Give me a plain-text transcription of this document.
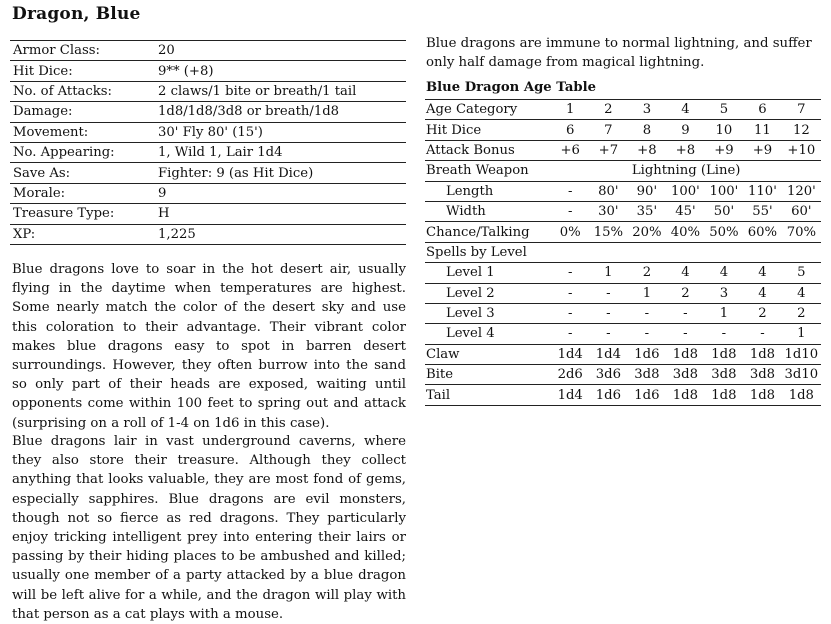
Dragon, Blue
Armor Class:	20
Hit Dice:	9** (+8)
No. of Attacks:	2 claws/1 bite or breath/1 tail
Damage:	1d8/1d8/3d8 or breath/1d8
Movement:	30' Fly 80' (15')
No. Appearing:	1, Wild 1, Lair 1d4
Save As:	Fighter: 9 (as Hit Dice)
Morale:	9
Treasure Type:	H
XP:	1,225

Blue dragons love to soar in the hot desert air, usually flying in the daytime when temperatures are highest. Some nearly match the color of the desert sky and use this coloration to their advantage. Their vibrant color makes blue dragons easy to spot in barren desert surroundings. However, they often burrow into the sand so only part of their heads are exposed, waiting until opponents come within 100 feet to spring out and attack (surprising on a roll of 1-4 on 1d6 in this case).

Blue dragons lair in vast underground caverns, where they also store their treasure. Although they collect anything that looks valuable, they are most fond of gems, especially sapphires. Blue dragons are evil monsters, though not so fierce as red dragons. They particularly enjoy tricking intelligent prey into entering their lairs or passing by their hiding places to be ambushed and killed; usually one member of a party attacked by a blue dragon will be left alive for a while, and the dragon will play with that person as a cat plays with a mouse.

Blue dragons are immune to normal lightning, and suffer only half damage from magical lightning.

Blue Dragon Age Table
Age Category	1	2	3	4	5	6	7
Hit Dice	6	7	8	9	10	11	12
Attack Bonus	+6	+7	+8	+8	+9	+9	+10
Breath Weapon	Lightning (Line)						
Length	-	80'	90'	100'	100'	110'	120'
Width	-	30'	35'	45'	50'	55'	60'
Chance/Talking	0%	15%	20%	40%	50%	60%	70%
Spells by Level							
Level 1	-	1	2	4	4	4	5
Level 2	-	-	1	2	3	4	4
Level 3	-	-	-	-	1	2	2
Level 4	-	-	-	-	-	-	1
Claw	1d4	1d4	1d6	1d8	1d8	1d8	1d10
Bite	2d6	3d6	3d8	3d8	3d8	3d8	3d10
Tail	1d4	1d6	1d6	1d8	1d8	1d8	1d8
